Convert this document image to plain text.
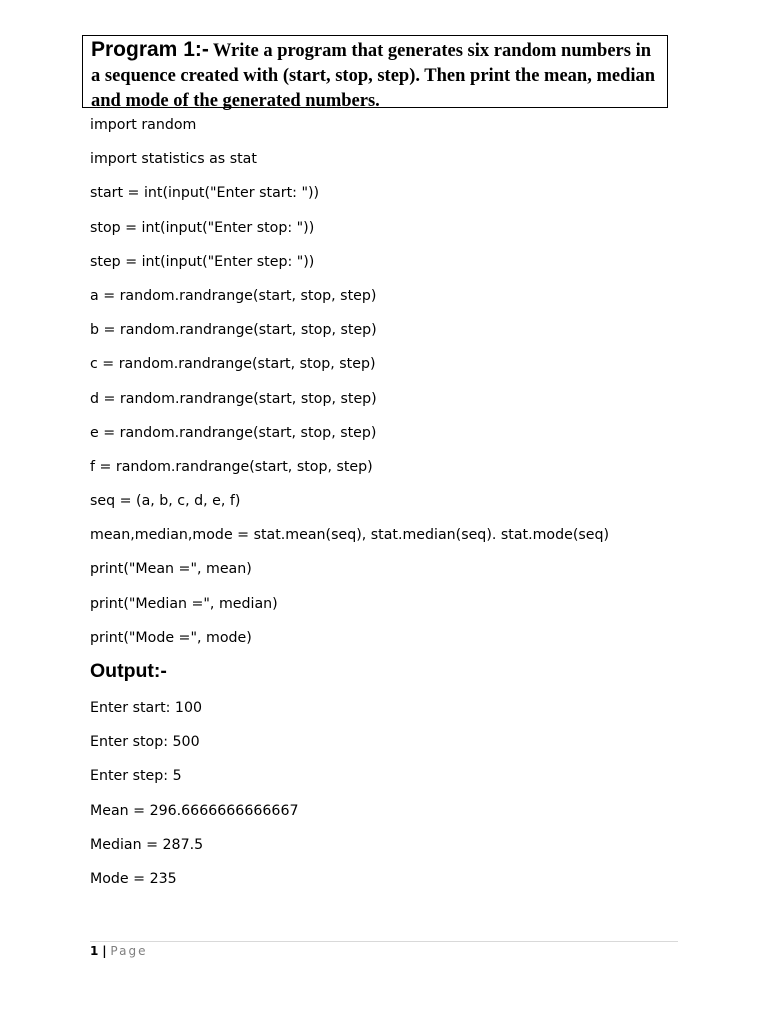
Program 1:- Write a program that generates six random numbers in a sequence created with (start, stop, step). Then print the mean, median and mode of the generated numbers.
import random
import statistics as stat
start = int(input("Enter start: "))
stop = int(input("Enter stop: "))
step = int(input("Enter step: "))
a = random.randrange(start, stop, step)
b = random.randrange(start, stop, step)
c = random.randrange(start, stop, step)
d = random.randrange(start, stop, step)
e = random.randrange(start, stop, step)
f = random.randrange(start, stop, step)
seq = (a, b, c, d, e, f)
mean,median,mode = stat.mean(seq), stat.median(seq). stat.mode(seq)
print("Mean =", mean)
print("Median =", median)
print("Mode =", mode)
Output:-
Enter start: 100
Enter stop: 500
Enter step: 5
Mean = 296.6666666666667
Median = 287.5
Mode = 235
1 | Page
